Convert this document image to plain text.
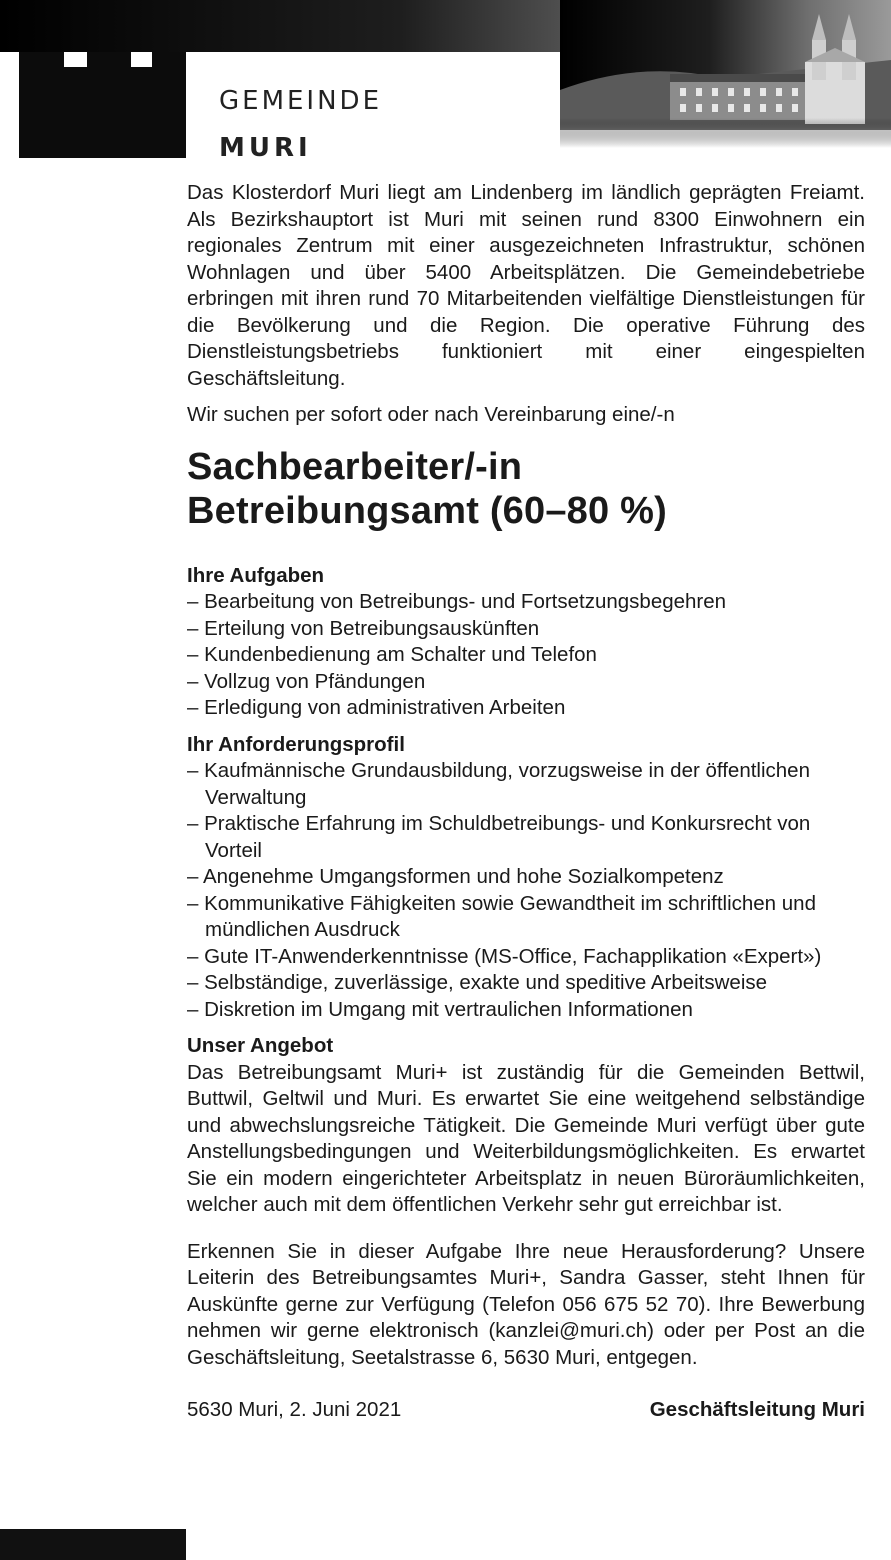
GEMEINDE
MURI

Das Klosterdorf Muri liegt am Lindenberg im ländlich geprägten Freiamt. Als Bezirkshauptort ist Muri mit seinen rund 8300 Einwohnern ein regionales Zentrum mit einer ausgezeichneten Infrastruktur, schönen Wohnlagen und über 5400 Arbeitsplätzen. Die Gemeindebetriebe erbringen mit ihren rund 70 Mitarbeitenden vielfältige Dienstleistungen für die Bevölkerung und die Region. Die operative Führung des Dienstleistungsbetriebs funktioniert mit einer eingespielten Geschäftsleitung.

Wir suchen per sofort oder nach Vereinbarung eine/-n

Sachbearbeiter/-in
Betreibungsamt (60–80 %)

Ihre Aufgaben

– Bearbeitung von Betreibungs- und Fortsetzungsbegehren
– Erteilung von Betreibungsauskünften
– Kundenbedienung am Schalter und Telefon
– Vollzug von Pfändungen
– Erledigung von administrativen Arbeiten

Ihr Anforderungsprofil

– Kaufmännische Grundausbildung, vorzugsweise in der öffentlichen Verwaltung
– Praktische Erfahrung im Schuldbetreibungs- und Konkursrecht von Vorteil
– Angenehme Umgangsformen und hohe Sozialkompetenz
– Kommunikative Fähigkeiten sowie Gewandtheit im schriftlichen und mündlichen Ausdruck
– Gute IT-Anwenderkenntnisse (MS-Office, Fachapplikation «Expert»)
– Selbständige, zuverlässige, exakte und speditive Arbeitsweise
– Diskretion im Umgang mit vertraulichen Informationen

Unser Angebot

Das Betreibungsamt Muri+ ist zuständig für die Gemeinden Bettwil, Buttwil, Geltwil und Muri. Es erwartet Sie eine weitgehend selbständige und abwechslungsreiche Tätigkeit. Die Gemeinde Muri verfügt über gute Anstellungsbedingungen und Weiterbildungsmöglichkeiten. Es erwartet Sie ein modern eingerichteter Arbeitsplatz in neuen Büroräumlichkeiten, welcher auch mit dem öffentlichen Verkehr sehr gut erreichbar ist.

Erkennen Sie in dieser Aufgabe Ihre neue Herausforderung? Unsere Leiterin des Betreibungsamtes Muri+, Sandra Gasser, steht Ihnen für Auskünfte gerne zur Verfügung (Telefon 056 675 52 70). Ihre Bewerbung nehmen wir gerne elektronisch (kanzlei@muri.ch) oder per Post an die Geschäftsleitung, Seetalstrasse 6, 5630 Muri, entgegen.

5630 Muri, 2. Juni 2021	Geschäftsleitung Muri
